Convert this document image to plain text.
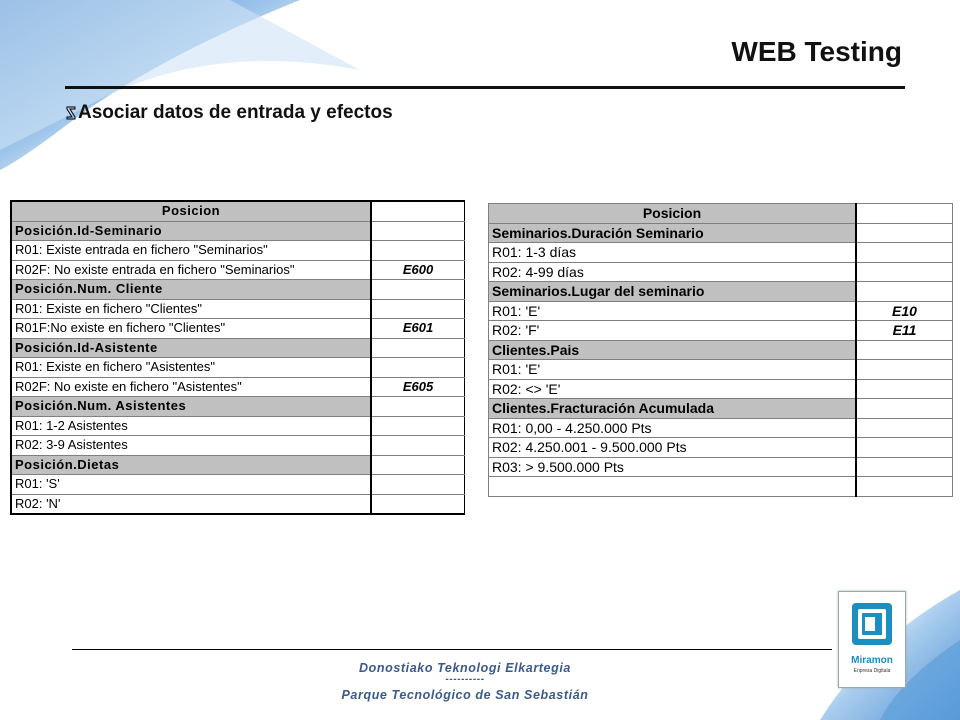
WEB Testing
Asociar datos de entrada y efectos
Posicion	
Posición.Id-Seminario	
R01: Existe entrada en fichero "Seminarios"	
R02F: No existe entrada en fichero "Seminarios"	E600
Posición.Num. Cliente	
R01: Existe en fichero "Clientes"	
R01F:No existe en fichero "Clientes"	E601
Posición.Id-Asistente	
R01: Existe en fichero "Asistentes"	
R02F: No existe en fichero "Asistentes"	E605
Posición.Num. Asistentes	
R01: 1-2 Asistentes	
R02: 3-9 Asistentes	
Posición.Dietas	
R01: 'S'	
R02: 'N'	
Posicion	
Seminarios.Duración Seminario	
R01: 1-3 días	
R02: 4-99 días	
Seminarios.Lugar del seminario	
R01: 'E'	E10
R02: 'F'	E11
Clientes.Pais	
R01: 'E'	
R02: <> 'E'	
Clientes.Fracturación Acumulada	
R01: 0,00 - 4.250.000 Pts	
R02: 4.250.001 - 9.500.000 Pts	
R03: > 9.500.000 Pts	

Donostiako Teknologi Elkartegia
----------
Parque Tecnológico de San Sebastián
Miramon
Enpresa Digitala
